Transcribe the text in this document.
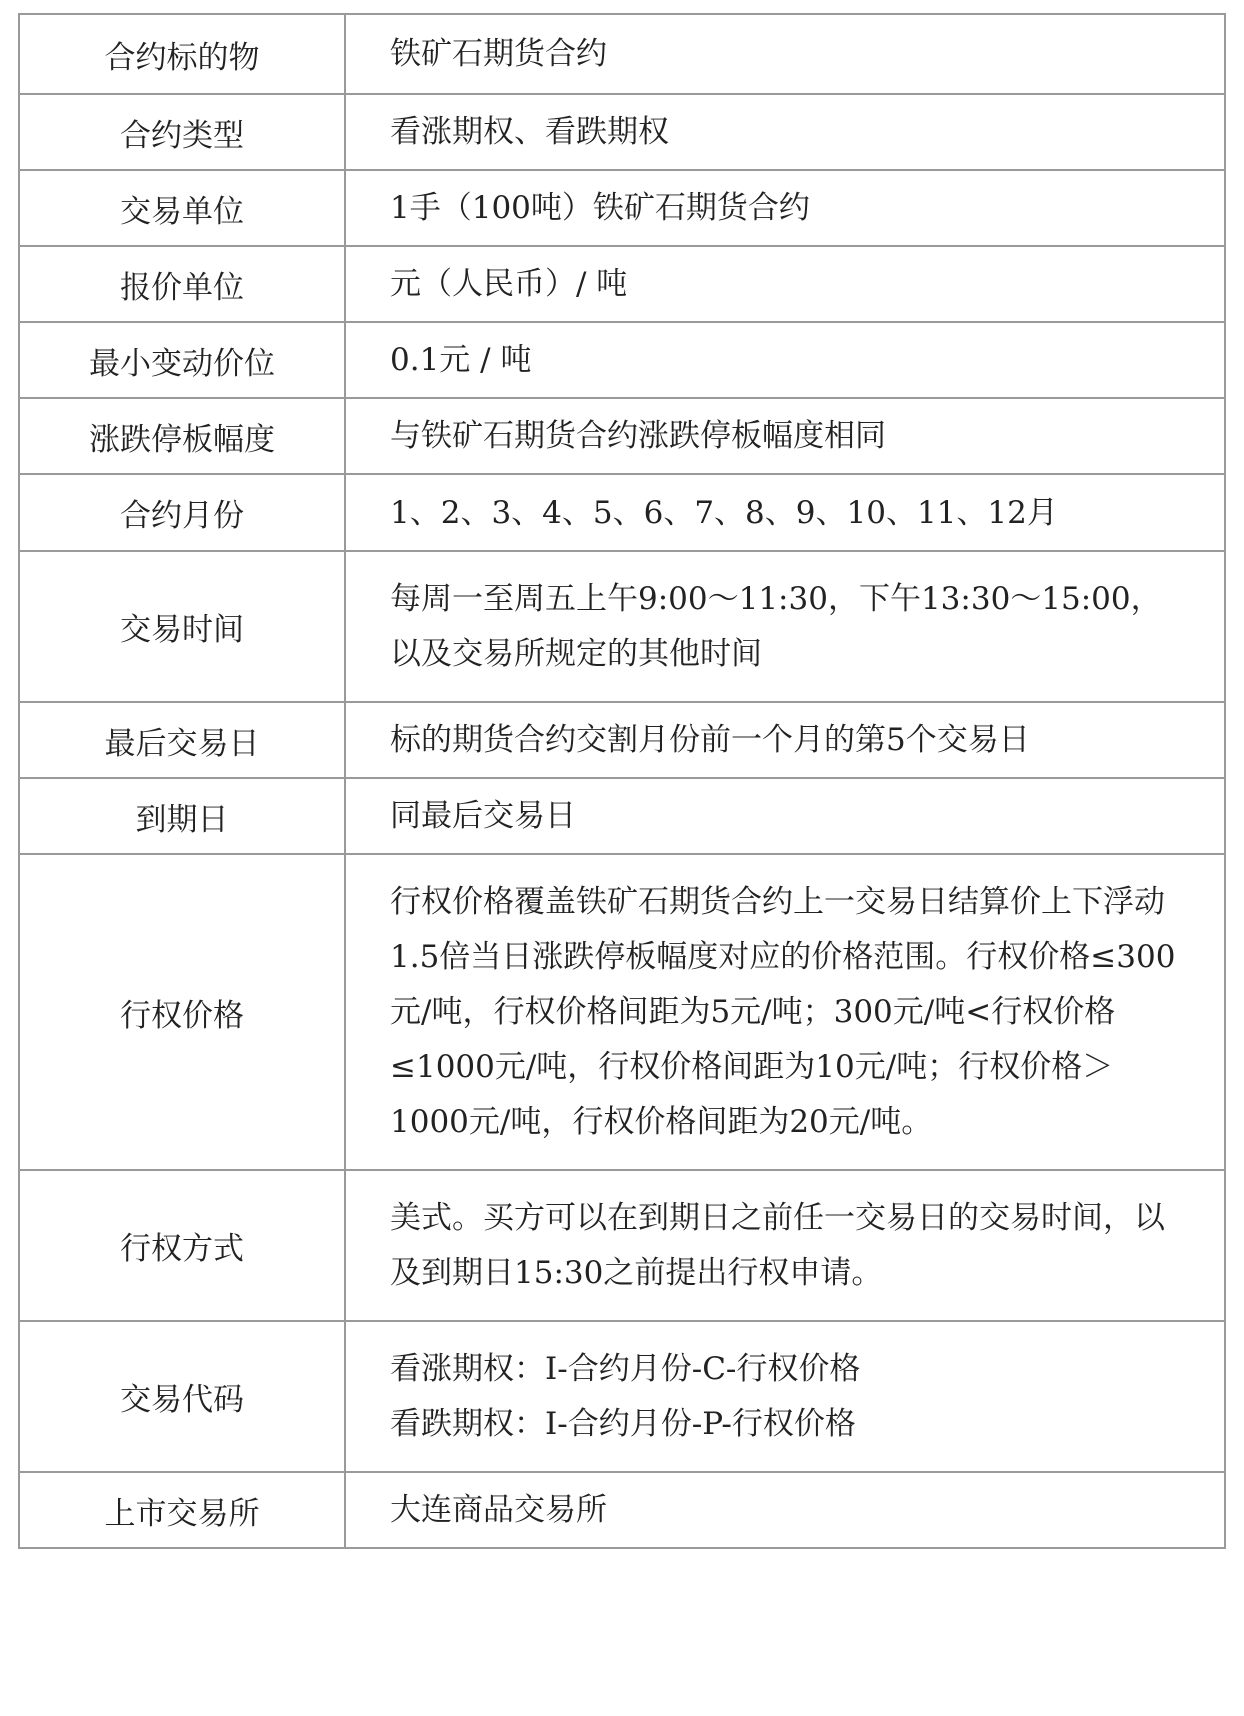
合约标的物	铁矿石期货合约
合约类型	看涨期权、看跌期权
交易单位	1手（100吨）铁矿石期货合约
报价单位	元（人民币）/ 吨
最小变动价位	0.1元 / 吨
涨跌停板幅度	与铁矿石期货合约涨跌停板幅度相同
合约月份	1、2、3、4、5、6、7、8、9、10、11、12月
交易时间	每周一至周五上午9:00～11:30，下午13:30～15:00，以及交易所规定的其他时间
最后交易日	标的期货合约交割月份前一个月的第5个交易日
到期日	同最后交易日
行权价格	行权价格覆盖铁矿石期货合约上一交易日结算价上下浮动1.5倍当日涨跌停板幅度对应的价格范围。行权价格≤300元/吨，行权价格间距为5元/吨；300元/吨<行权价格≤1000元/吨，行权价格间距为10元/吨；行权价格＞1000元/吨，行权价格间距为20元/吨。
行权方式	美式。买方可以在到期日之前任一交易日的交易时间，以及到期日15:30之前提出行权申请。
交易代码	看涨期权：I-合约月份-C-行权价格
看跌期权：I-合约月份-P-行权价格

上市交易所	大连商品交易所
